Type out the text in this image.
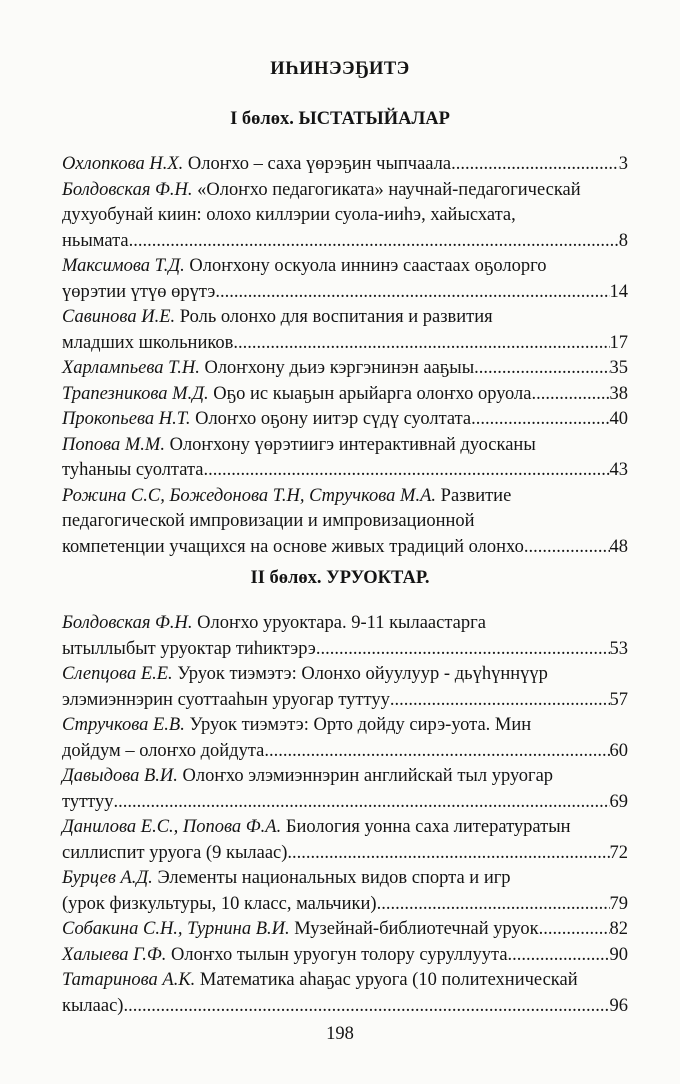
ИҺИНЭЭҔИТЭ
I бөлөх. ЫСТАТЫЙАЛАР
Охлопкова Н.Х.
Олоҥхо – саха үөрэҕин чыпчаала .....	3
Болдовская Ф.Н.
«Олоҥхо педагогиката» научнай-педагогическай
духуобунай киин: олохо киллэрии суола-ииһэ, хайысхата,
ньымата .....	8
Максимова Т.Д.
Олоҥхону оскуола иннинэ саастаах оҕолорго
үөрэтии үтүө өрүтэ .....	14
Савинова И.Е.
Роль олонхо для воспитания и развития
младших школьников .....	17
Харлампьева Т.Н.
Олоҥхону дьиэ кэргэнинэн ааҕыы .....	35
Трапезникова М.Д.
Оҕо ис кыаҕын арыйарга олоҥхо оруола .....	38
Прокопьева Н.Т.
Олоҥхо оҕону иитэр сүдү суолтата .....	40
Попова М.М.
Олоҥхону үөрэтиигэ интерактивнай дуосканы
туһаныы суолтата .....	43
Рожина С.С, Божедонова Т.Н, Стручкова М.А.
Развитие
педагогической импровизации и импровизационной
компетенции учащихся на основе живых традиций олонхо .....	48
II бөлөх. УРУОКТАР.
Болдовская Ф.Н.
Олоҥхо уруоктара. 9-11 кылаастарга
ытыллыбыт уруоктар тиһиктэрэ .....	53
Слепцова Е.Е.
Уруок тиэмэтэ: Олонхо ойуулуур - дьүһүннүүр
элэмиэннэрин суоттааһын уруогар туттуу .....	57
Стручкова Е.В.
Уруок тиэмэтэ: Орто дойду сирэ-уота. Мин
дойдум – олоҥхо дойдута .....	60
Давыдова В.И.
Олоҥхо элэмиэннэрин английскай тыл уруогар
туттуу .....	69
Данилова Е.С., Попова Ф.А.
Биология уонна саха литературатын
силлиспит уруога (9 кылаас) .....	72
Бурцев А.Д.
Элементы национальных видов спорта и игр
(урок физкультуры, 10 класс, мальчики) .....	79
Собакина С.Н., Турнина В.И.
Музейнай-библиотечнай уруок .....	82
Халыева Г.Ф.
Олоҥхо тылын уруогун толору суруллуута .....	90
Татаринова А.К.
Математика аһаҕас уруога (10 политехническай
кылаас) .....	96
198
